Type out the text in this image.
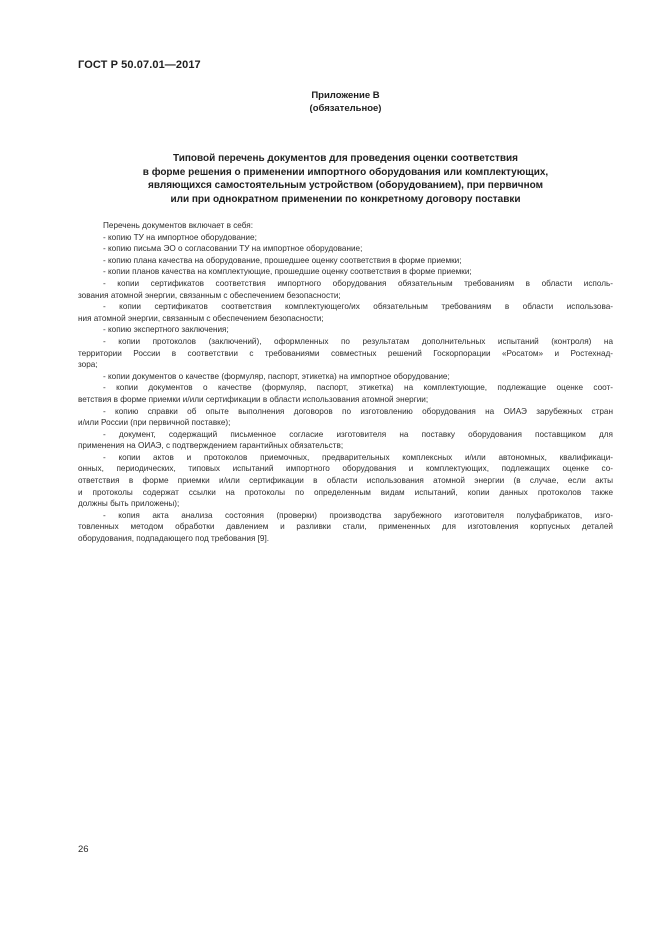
ГОСТ Р 50.07.01—2017
Приложение В
(обязательное)
Типовой перечень документов для проведения оценки соответствия
в форме решения о применении импортного оборудования или комплектующих,
являющихся самостоятельным устройством (оборудованием), при первичном
или при однократном применении по конкретному договору поставки
Перечень документов включает в себя:
- копию ТУ на импортное оборудование;
- копию письма ЭО о согласовании ТУ на импортное оборудование;
- копию плана качества на оборудование, прошедшее оценку соответствия в форме приемки;
- копии планов качества на комплектующие, прошедшие оценку соответствия в форме приемки;
- копии сертификатов соответствия импортного оборудования обязательным требованиям в области исполь-
зования атомной энергии, связанным с обеспечением безопасности;
- копии сертификатов соответствия комплектующего/их обязательным требованиям в области использова-
ния атомной энергии, связанным с обеспечением безопасности;
- копию экспертного заключения;
- копии протоколов (заключений), оформленных по результатам дополнительных испытаний (контроля) на
территории России в соответствии с требованиями совместных решений Госкорпорации «Росатом» и Ростехнад-
зора;
- копии документов о качестве (формуляр, паспорт, этикетка) на импортное оборудование;
- копии документов о качестве (формуляр, паспорт, этикетка) на комплектующие, подлежащие оценке соот-
ветствия в форме приемки и/или сертификации в области использования атомной энергии;
- копию справки об опыте выполнения договоров по изготовлению оборудования на ОИАЭ зарубежных стран
и/или России (при первичной поставке);
- документ, содержащий письменное согласие изготовителя на поставку оборудования поставщиком для
применения на ОИАЭ, с подтверждением гарантийных обязательств;
- копии актов и протоколов приемочных, предварительных комплексных и/или автономных, квалификаци-
онных, периодических, типовых испытаний импортного оборудования и комплектующих, подлежащих оценке со-
ответствия в форме приемки и/или сертификации в области использования атомной энергии (в случае, если акты
и протоколы содержат ссылки на протоколы по определенным видам испытаний, копии данных протоколов также
должны быть приложены);
- копия акта анализа состояния (проверки) производства зарубежного изготовителя полуфабрикатов, изго-
товленных методом обработки давлением и разливки стали, примененных для изготовления корпусных деталей
оборудования, подпадающего под требования [9].
26
